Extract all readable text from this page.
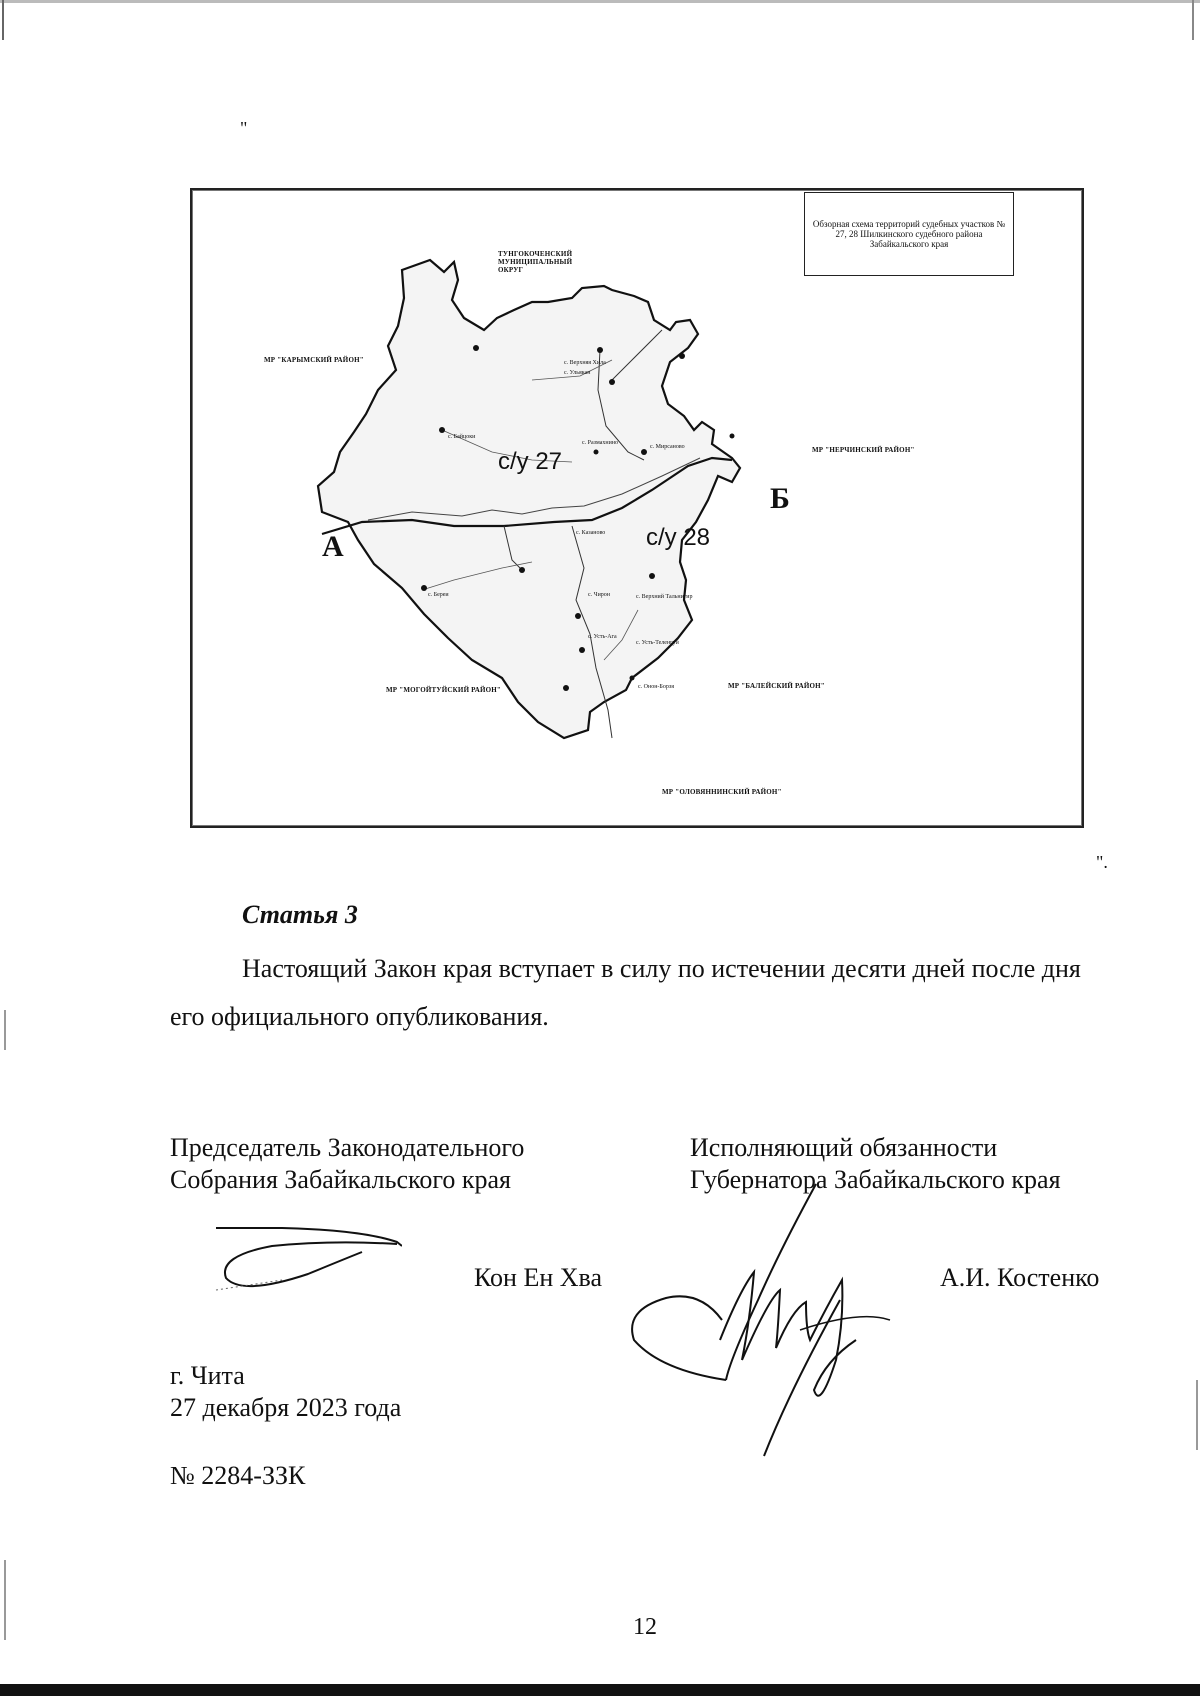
"
Обзорная схема территорий судебных участков № 27, 28 Шилкинского судебного района Забайкальского края
ТУНГОКОЧЕНСКИЙ МУНИЦИПАЛЬНЫЙ ОКРУГ
МР "КАРЫМСКИЙ РАЙОН"
МР "НЕРЧИНСКИЙ РАЙОН"
МР "МОГОЙТУЙСКИЙ РАЙОН"	МР "БАЛЕЙСКИЙ РАЙОН"
МР "ОЛОВЯННИНСКИЙ РАЙОН"
с/у 27
с/у 28
А
Б
с. Верхняя Хила
с. Ульякан
с. Байцоки
с. Мирсаново
с. Размахнино
с. Чирон	с. Верхний Тальнигир
с. Усть-Теленгуй
с. Усть-Ага
с. Онон-Борзя
с. Казаново
с. Береи
".
Статья 3

Настоящий Закон края вступает в силу по истечении десяти дней после дня его официального опубликования.

Председатель Законодательного
Собрания Забайкальского края
Исполняющий обязанности
Губернатора Забайкальского края
Кон Ен Хва	А.И. Костенко
г. Чита
27 декабря 2023 года
№ 2284-ЗЗК
12
